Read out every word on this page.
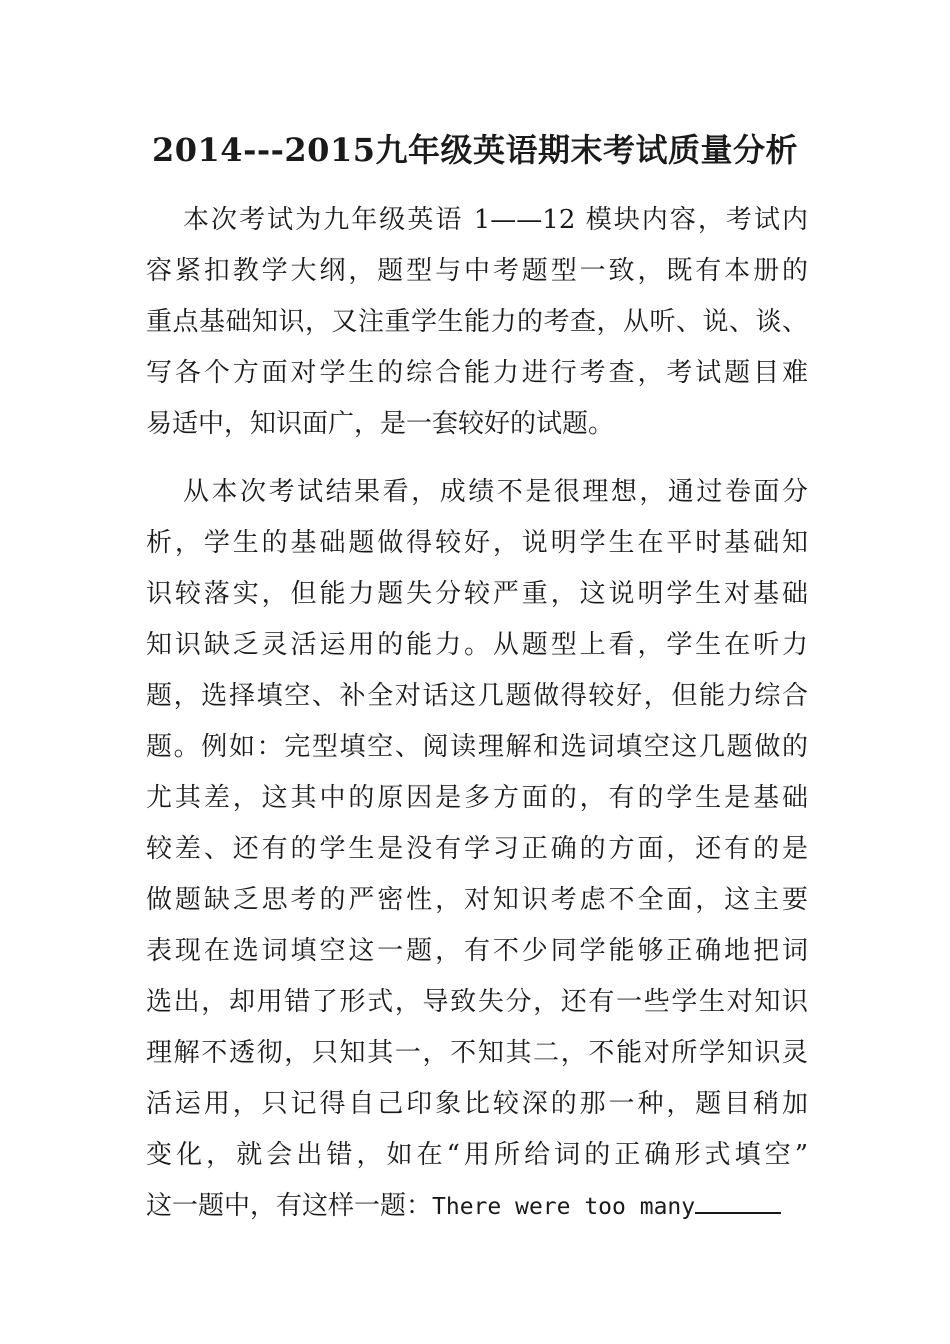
2014---2015九年级英语期末考试质量分析
本次考试为九年级英语 1——12 模块内容，考试内
容紧扣教学大纲，题型与中考题型一致，既有本册的
重点基础知识，又注重学生能力的考查，从听、说、谈、
写各个方面对学生的综合能力进行考查，考试题目难
易适中，知识面广，是一套较好的试题。
从本次考试结果看，成绩不是很理想，通过卷面分
析，学生的基础题做得较好，说明学生在平时基础知
识较落实，但能力题失分较严重，这说明学生对基础
知识缺乏灵活运用的能力。从题型上看，学生在听力
题，选择填空、补全对话这几题做得较好，但能力综合
题。例如：完型填空、阅读理解和选词填空这几题做的
尤其差，这其中的原因是多方面的，有的学生是基础
较差、还有的学生是没有学习正确的方面，还有的是
做题缺乏思考的严密性，对知识考虑不全面，这主要
表现在选词填空这一题，有不少同学能够正确地把词
选出，却用错了形式，导致失分，还有一些学生对知识
理解不透彻，只知其一，不知其二，不能对所学知识灵
活运用，只记得自己印象比较深的那一种，题目稍加
变化，就会出错，如在“用所给词的正确形式填空”
这一题中，有这样一题：There were too many
